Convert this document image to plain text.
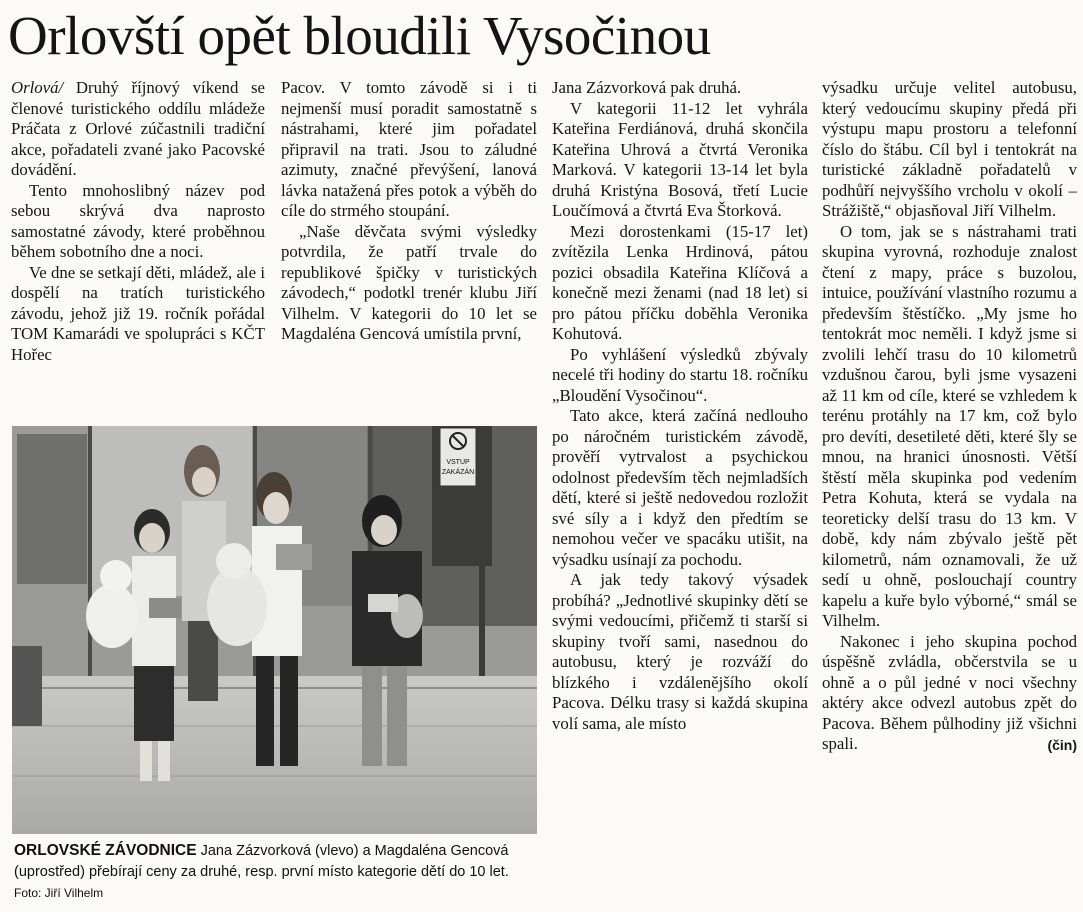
Orlovští opět bloudili Vysočinou

Orlová/ Druhý říjnový víkend se členové turistického oddílu mládeže Práčata z Orlové zúčastnili tradiční akce, pořadateli zvané jako Pacovské dovádění.

Tento mnohoslibný název pod sebou skrývá dva naprosto samostatné závody, které proběhnou během sobotního dne a noci.

Ve dne se setkají děti, mládež, ale i dospělí na tratích turistického závodu, jehož již 19. ročník pořádal TOM Kamarádi ve spolupráci s KČT Hořec

Pacov. V tomto závodě si i ti nejmenší musí poradit samostatně s nástrahami, které jim pořadatel připravil na trati. Jsou to záludné azimuty, značné převýšení, lanová lávka natažená přes potok a výběh do cíle do strmého stoupání.

„Naše děvčata svými výsledky potvrdila, že patří trvale do republikové špičky v turistických závodech,“ podotkl trenér klubu Jiří Vilhelm. V kategorii do 10 let se Magdaléna Gencová umístila první,

Jana Zázvorková pak druhá.

V kategorii 11-12 let vyhrála Kateřina Ferdiánová, druhá skončila Kateřina Uhrová a čtvrtá Veronika Marková. V kategorii 13-14 let byla druhá Kristýna Bosová, třetí Lucie Loučímová a čtvrtá Eva Štorková.

Mezi dorostenkami (15-17 let) zvítězila Lenka Hrdinová, pátou pozici obsadila Kateřina Klíčová a konečně mezi ženami (nad 18 let) si pro pátou příčku doběhla Veronika Kohutová.

Po vyhlášení výsledků zbývaly necelé tři hodiny do startu 18. ročníku „Bloudění Vysočinou“.

Tato akce, která začíná nedlouho po náročném turistickém závodě, prověří vytrvalost a psychickou odolnost především těch nejmladších dětí, které si ještě nedovedou rozložit své síly a i když den předtím se nemohou večer ve spacáku utišit, na výsadku usínají za pochodu.

A jak tedy takový výsadek probíhá? „Jednotlivé skupinky dětí se svými vedoucími, přičemž ti starší si skupiny tvoří sami, nasednou do autobusu, který je rozváží do blízkého i vzdálenějšího okolí Pacova. Délku trasy si každá skupina volí sama, ale místo

výsadku určuje velitel autobusu, který vedoucímu skupiny předá při výstupu mapu prostoru a telefonní číslo do štábu. Cíl byl i tentokrát na turistické základně pořadatelů v podhůří nejvyššího vrcholu v okolí – Strážiště,“ objasňoval Jiří Vilhelm.

O tom, jak se s nástrahami trati skupina vyrovná, rozhoduje znalost čtení z mapy, práce s buzolou, intuice, používání vlastního rozumu a především štěstíčko. „My jsme ho tentokrát moc neměli. I když jsme si zvolili lehčí trasu do 10 kilometrů vzdušnou čarou, byli jsme vysazeni až 11 km od cíle, které se vzhledem k terénu protáhly na 17 km, což bylo pro devíti, desetileté děti, které šly se mnou, na hranici únosnosti. Větší štěstí měla skupinka pod vedením Petra Kohuta, která se vydala na teoreticky delší trasu do 13 km. V době, kdy nám zbývalo ještě pět kilometrů, nám oznamovali, že už sedí u ohně, poslouchají country kapelu a kuře bylo výborné,“ smál se Vilhelm.

Nakonec i jeho skupina pochod úspěšně zvládla, občerstvila se u ohně a o půl jedné v noci všechny aktéry akce odvezl autobus zpět do Pacova. Během půlhodiny již všichni spali.	(čin)
VSTUP
ZAKÁZÁN
ORLOVSKÉ ZÁVODNICE Jana Zázvorková (vlevo) a Magdaléna Gencová (uprostřed) přebírají ceny za druhé, resp. první místo kategorie dětí do 10 let. Foto: Jiří Vilhelm
